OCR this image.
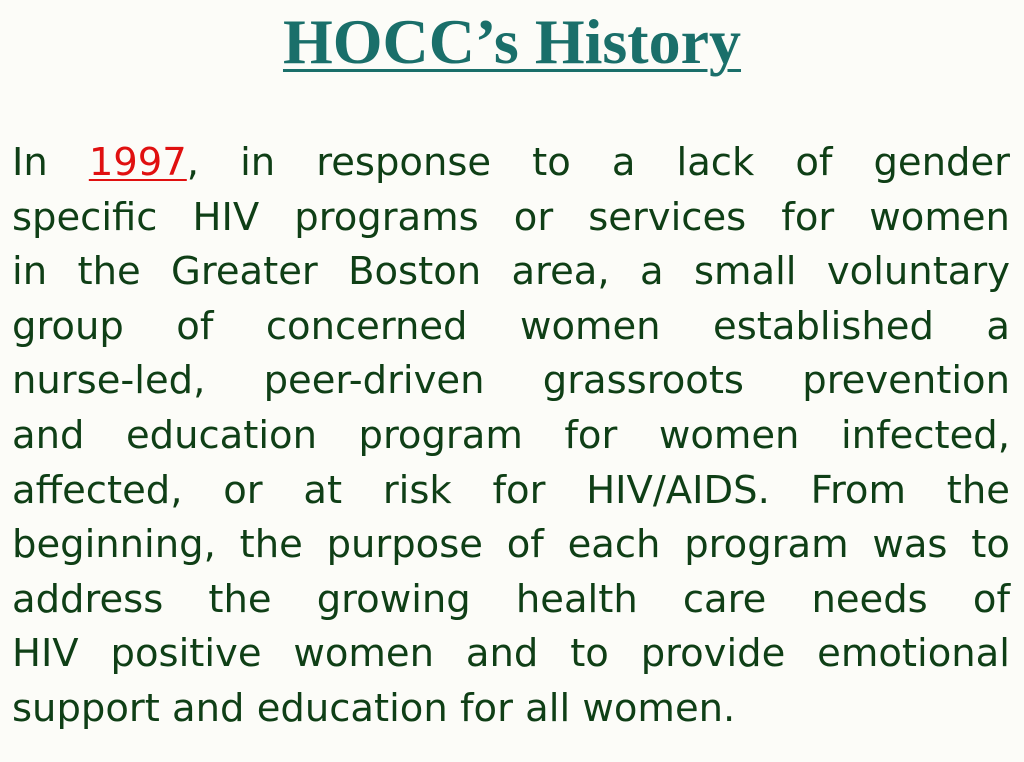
HOCC’s History
In 1997, in response to a lack of gender
specific HIV programs or services for women
in the Greater Boston area, a small voluntary
group of concerned women established a
nurse-led, peer-driven grassroots prevention
and education program for women infected,
affected, or at risk for HIV/AIDS. From the
beginning, the purpose of each program was to
address the growing health care needs of
HIV positive women and to provide emotional
support and education for all women.
